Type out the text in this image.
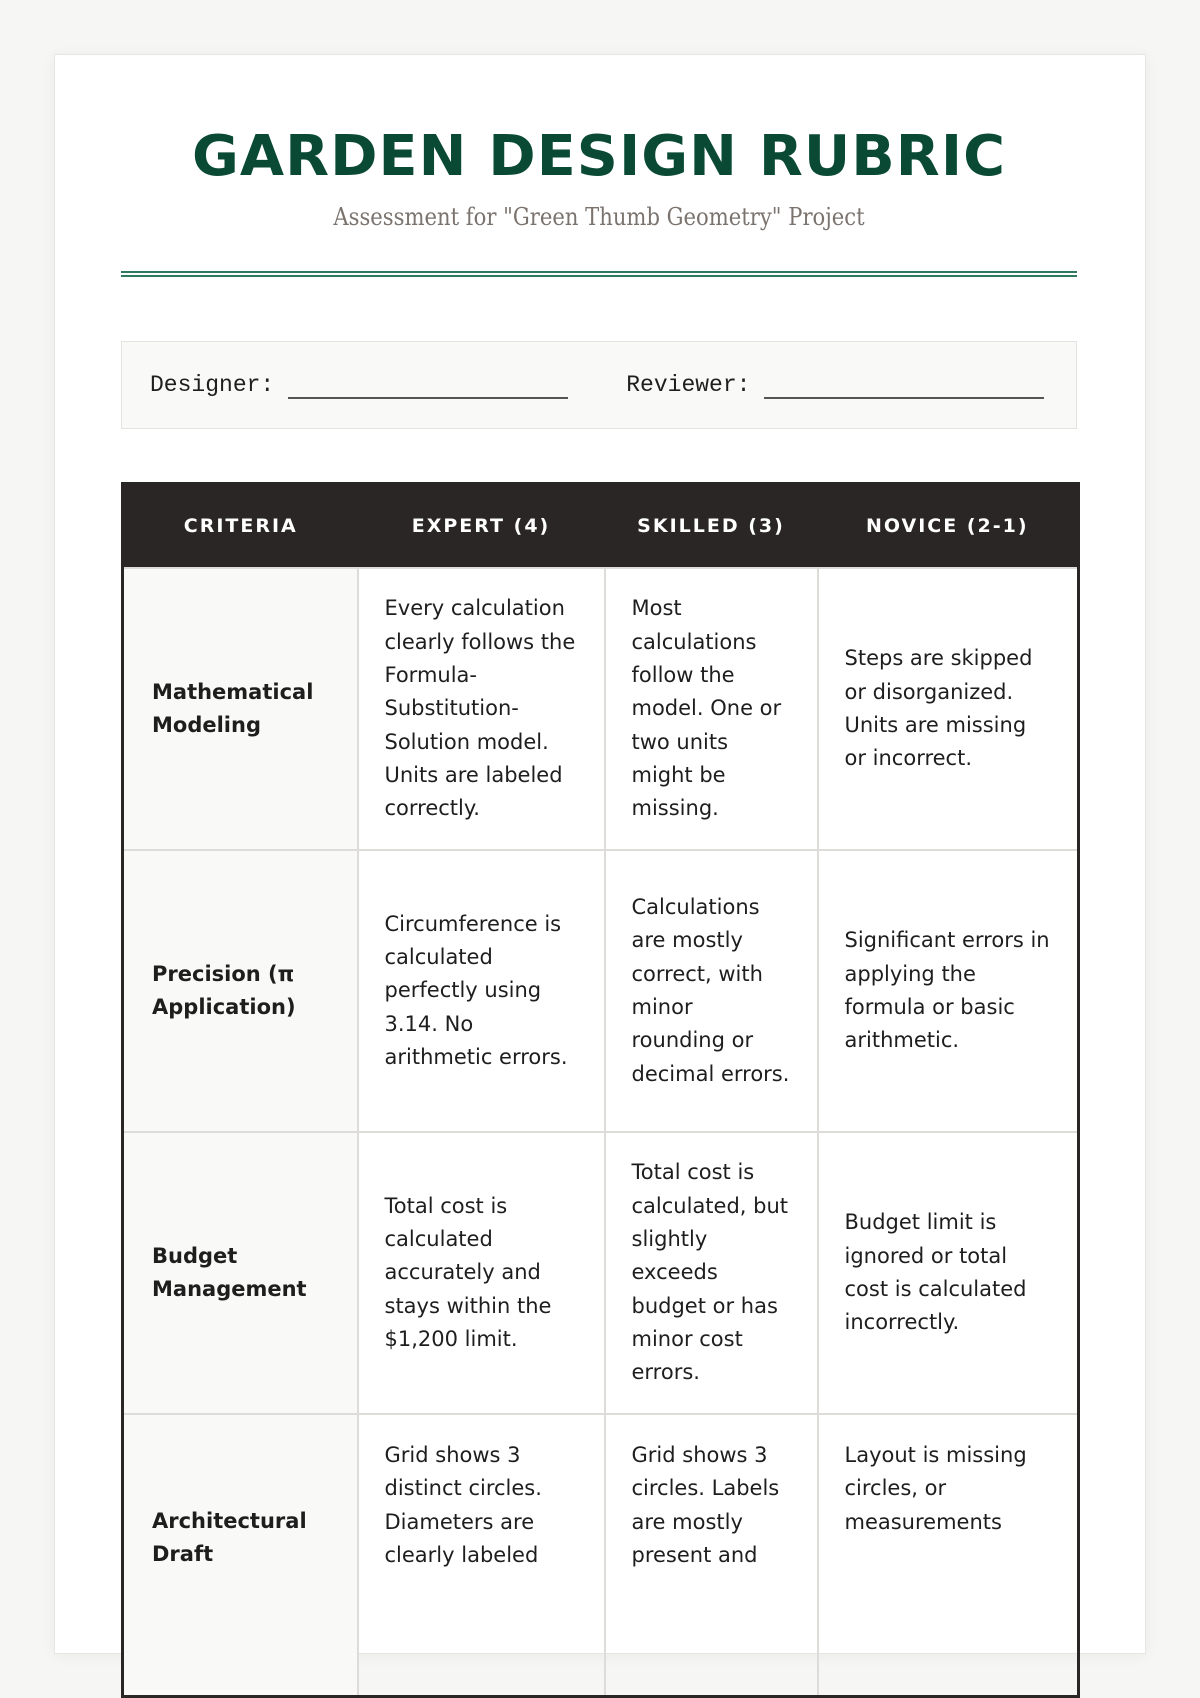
GARDEN DESIGN RUBRIC

Assessment for "Green Thumb Geometry" Project

Designer:	Reviewer:
CRITERIA	EXPERT (4)	SKILLED (3)	NOVICE (2-1)
Mathematical Modeling	Every calculation clearly follows the Formula-Substitution-Solution model. Units are labeled correctly.	Most calculations follow the model. One or two units might be missing.	Steps are skipped or disorganized. Units are missing or incorrect.
Precision (π Application)	Circumference is calculated perfectly using 3.14. No arithmetic errors.	Calculations are mostly correct, with minor rounding or decimal errors.	Significant errors in applying the formula or basic arithmetic.
Budget Management	Total cost is calculated accurately and stays within the $1,200 limit.	Total cost is calculated, but slightly exceeds budget or has minor cost errors.	Budget limit is ignored or total cost is calculated incorrectly.
Architectural Draft	Grid shows 3 distinct circles. Diameters are clearly labeled	Grid shows 3 circles. Labels are mostly present and	Layout is missing circles, or measurements
